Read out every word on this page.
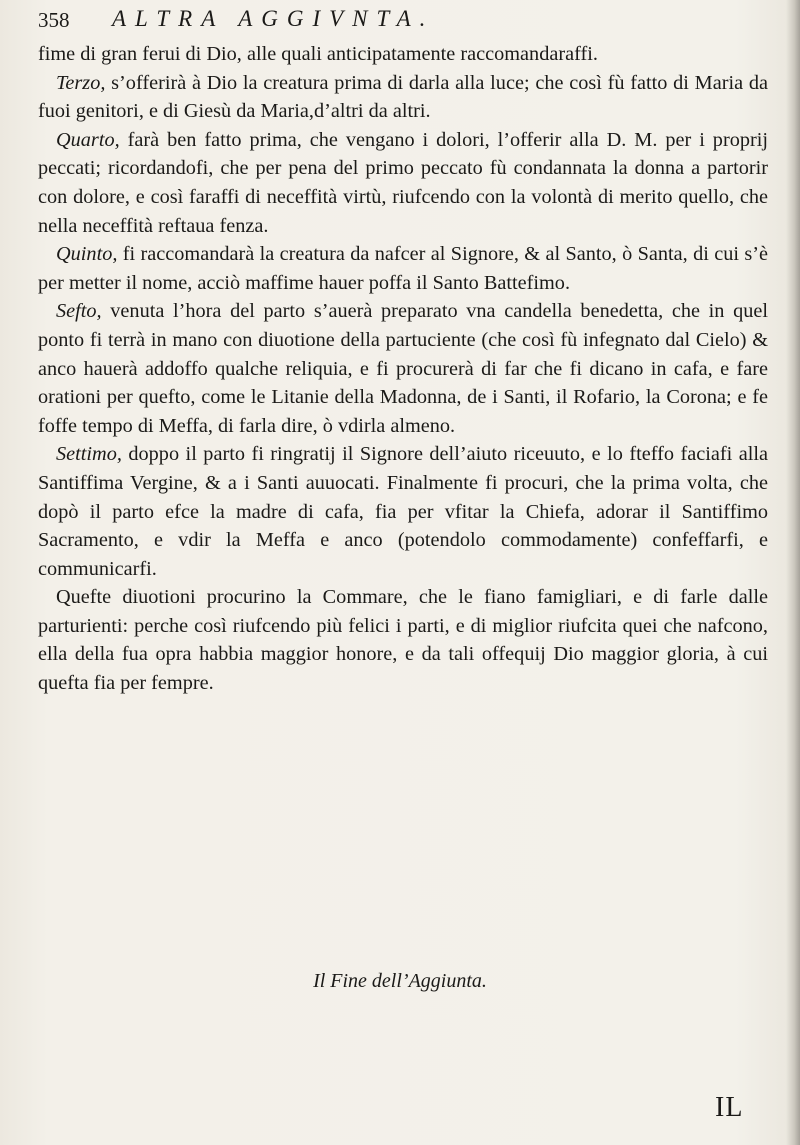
358 ALTRA AGGIVNTA.

fime di gran ferui di Dio, alle quali anticipatamente raccomandaraffi.

Terzo, s’offerirà à Dio la creatura prima di darla alla luce; che così fù fatto di Maria da fuoi genitori, e di Giesù da Maria,d’altri da altri.

Quarto, farà ben fatto prima, che vengano i dolori, l’offerir alla D. M. per i proprij peccati; ricordandofi, che per pena del primo peccato fù condannata la donna a partorir con dolore, e così faraffi di neceffità virtù, riufcendo con la volontà di merito quello, che nella neceffità reftaua fenza.

Quinto, fi raccomandarà la creatura da nafcer al Signore, & al Santo, ò Santa, di cui s’è per metter il nome, acciò maffime hauer poffa il Santo Battefimo.

Sefto, venuta l’hora del parto s’auerà preparato vna candella benedetta, che in quel ponto fi terrà in mano con diuotione della partuciente (che così fù infegnato dal Cielo) & anco hauerà addoffo qualche reliquia, e fi procurerà di far che fi dicano in cafa, e fare orationi per quefto, come le Litanie della Madonna, de i Santi, il Rofario, la Corona; e fe foffe tempo di Meffa, di farla dire, ò vdirla almeno.

Settimo, doppo il parto fi ringratij il Signore dell’aiuto riceuuto, e lo fteffo faciafi alla Santiffima Vergine, & a i Santi auuocati. Finalmente fi procuri, che la prima volta, che dopò il parto efce la madre di cafa, fia per vfitar la Chiefa, adorar il Santiffimo Sacramento, e vdir la Meffa e anco (potendolo commodamente) confeffarfi, e communicarfi.

Quefte diuotioni procurino la Commare, che le fiano famigliari, e di farle dalle parturienti: perche così riufcendo più felici i parti, e di miglior riufcita quei che nafcono, ella della fua opra habbia maggior honore, e da tali offequij Dio maggior gloria, à cui quefta fia per fempre.

Il Fine dell’Aggiunta.
IL
